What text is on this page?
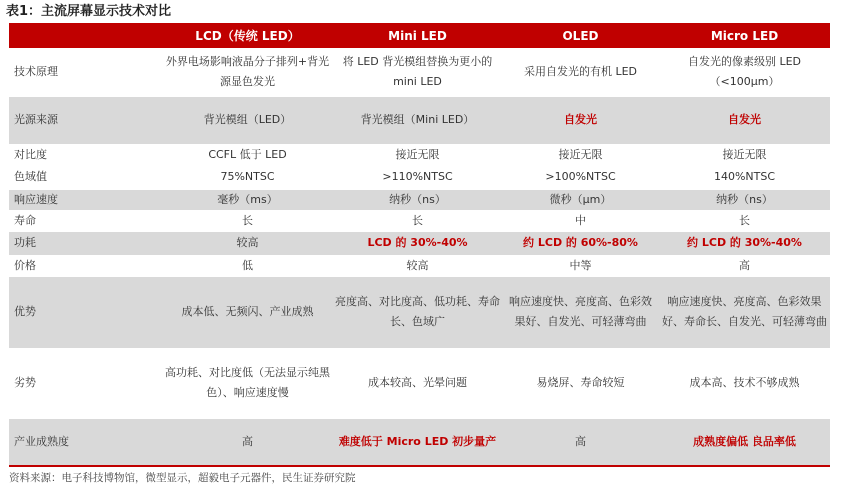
表1：主流屏幕显示技术对比
	LCD（传统 LED）	Mini LED	OLED	Micro LED
技术原理	外界电场影响液晶分子排列+背光源显色发光	将 LED 背光模组替换为更小的 mini LED	采用自发光的有机 LED	自发光的像素级别 LED（<100μm）
光源来源	背光模组（LED）	背光模组（Mini LED）	自发光	自发光
对比度	CCFL 低于 LED	接近无限	接近无限	接近无限
色域值	75%NTSC	>110%NTSC	>100%NTSC	140%NTSC
响应速度	毫秒（ms）	纳秒（ns）	微秒（μm）	纳秒（ns）
寿命	长	长	中	长
功耗	较高	LCD 的 30%-40%	约 LCD 的 60%-80%	约 LCD 的 30%-40%
价格	低	较高	中等	高
优势	成本低、无频闪、产业成熟	亮度高、对比度高、低功耗、寿命长、色域广	响应速度快、亮度高、色彩效果好、自发光、可轻薄弯曲	响应速度快、亮度高、色彩效果好、寿命长、自发光、可轻薄弯曲
劣势	高功耗、对比度低（无法显示纯黑色）、响应速度慢	成本较高、光晕问题	易烧屏、寿命较短	成本高、技术不够成熟
产业成熟度	高	难度低于 Micro LED 初步量产	高	成熟度偏低 良品率低
资料来源：电子科技博物馆，微型显示，超毅电子元器件，民生证券研究院
